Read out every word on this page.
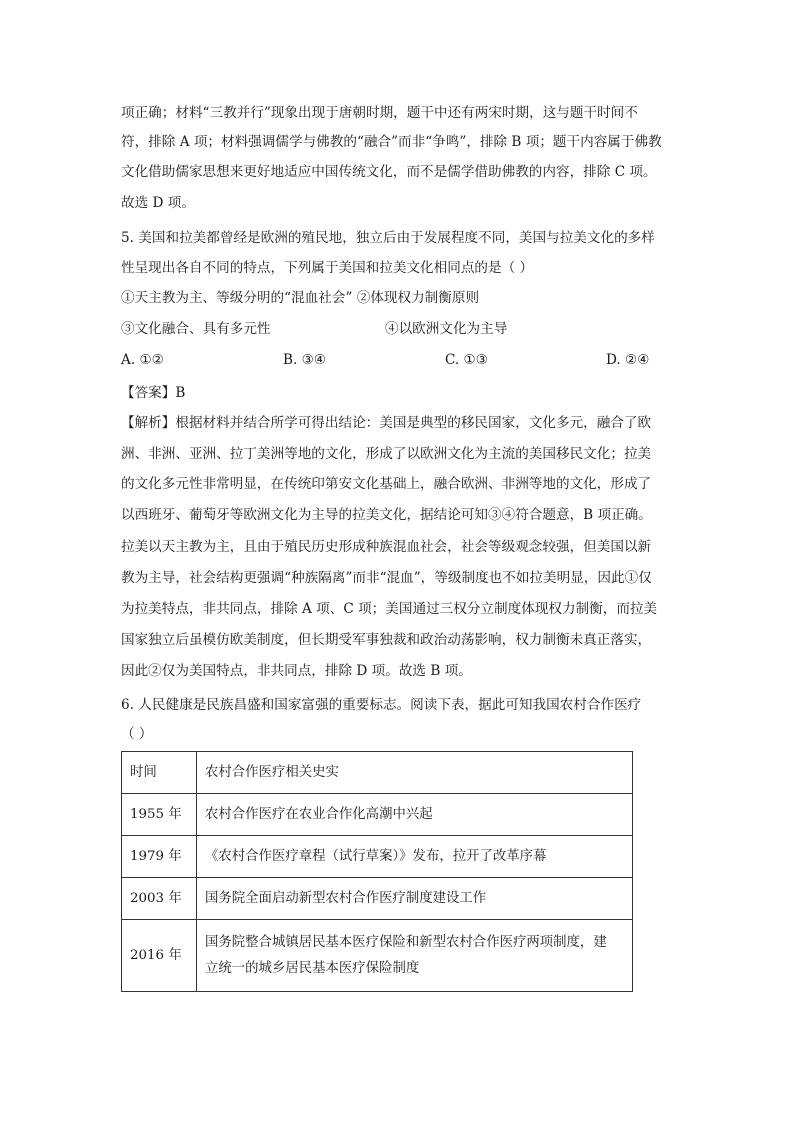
项正确；材料“三教并行”现象出现于唐朝时期，题干中还有两宋时期，这与题干时间不
符，排除 A 项；材料强调儒学与佛教的“融合”而非“争鸣”，排除 B 项；题干内容属于佛教
文化借助儒家思想来更好地适应中国传统文化，而不是儒学借助佛教的内容，排除 C 项。
故选 D 项。
5. 美国和拉美都曾经是欧洲的殖民地，独立后由于发展程度不同，美国与拉美文化的多样
性呈现出各自不同的特点，下列属于美国和拉美文化相同点的是（ ）
①天主教为主、等级分明的“混血社会” ②体现权力制衡原则
③文化融合、具有多元性	④以欧洲文化为主导
A. ①②	B. ③④	C. ①③	D. ②④
【答案】B
【解析】根据材料并结合所学可得出结论：美国是典型的移民国家，文化多元，融合了欧
洲、非洲、亚洲、拉丁美洲等地的文化，形成了以欧洲文化为主流的美国移民文化；拉美
的文化多元性非常明显，在传统印第安文化基础上，融合欧洲、非洲等地的文化，形成了
以西班牙、葡萄牙等欧洲文化为主导的拉美文化，据结论可知③④符合题意，B 项正确。
拉美以天主教为主，且由于殖民历史形成种族混血社会，社会等级观念较强，但美国以新
教为主导，社会结构更强调“种族隔离”而非“混血”，等级制度也不如拉美明显，因此①仅
为拉美特点，非共同点，排除 A 项、C 项；美国通过三权分立制度体现权力制衡，而拉美
国家独立后虽模仿欧美制度，但长期受军事独裁和政治动荡影响，权力制衡未真正落实，
因此②仅为美国特点，非共同点，排除 D 项。故选 B 项。
6. 人民健康是民族昌盛和国家富强的重要标志。阅读下表，据此可知我国农村合作医疗
（ ）
时间	农村合作医疗相关史实
1955 年	农村合作医疗在农业合作化高潮中兴起
1979 年	《农村合作医疗章程（试行草案）》发布，拉开了改革序幕
2003 年	国务院全面启动新型农村合作医疗制度建设工作
2016 年	国务院整合城镇居民基本医疗保险和新型农村合作医疗两项制度，建
立统一的城乡居民基本医疗保险制度
